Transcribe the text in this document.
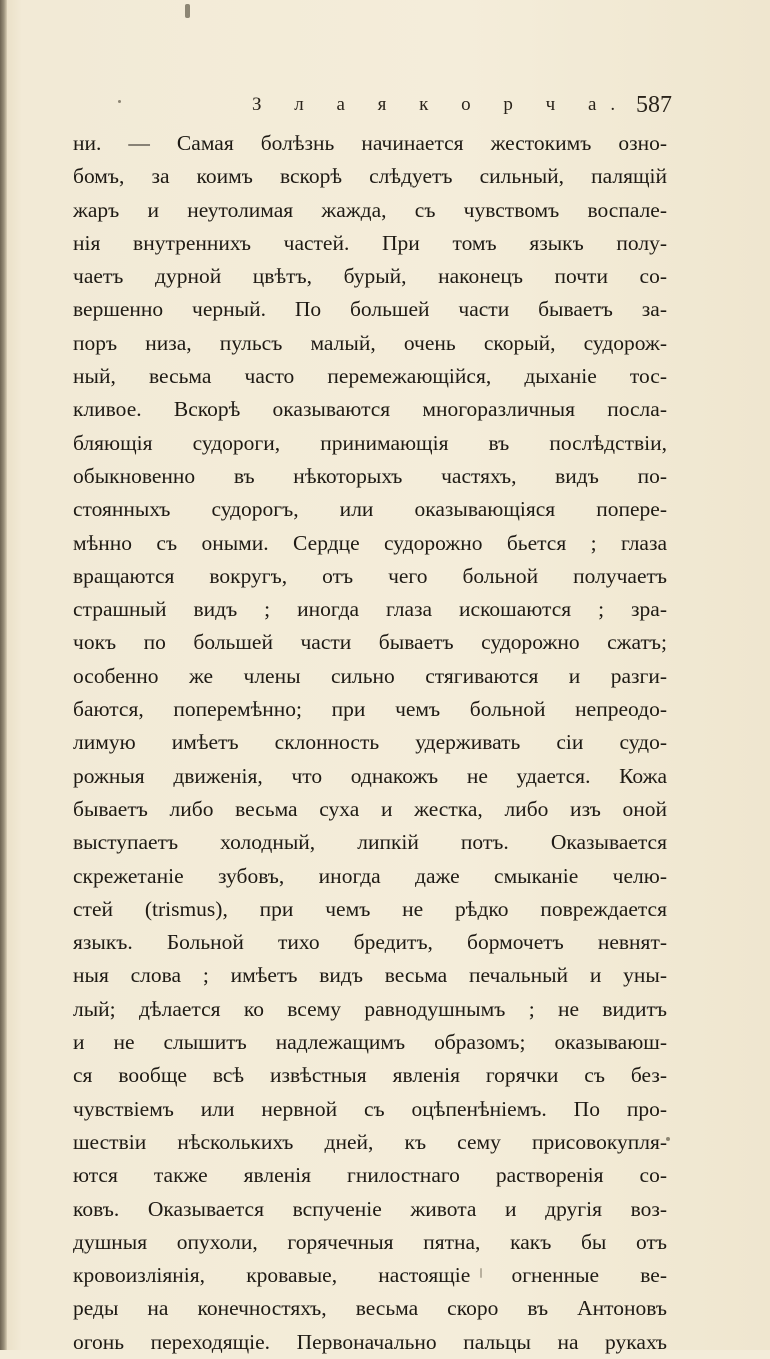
З л а я к о р ч а. 587
ни. — Самая болѣзнь начинается жестокимъ озно-
бомъ, за коимъ вскорѣ слѣдуетъ сильный, палящій
жаръ и неутолимая жажда, съ чувствомъ воспале-
нія внутреннихъ частей. При томъ языкъ полу-
чаетъ дурной цвѣтъ, бурый, наконецъ почти со-
вершенно черный. По большей части бываетъ за-
поръ низа, пульсъ малый, очень скорый, судорож-
ный, весьма часто перемежающійся, дыханіе тос-
кливое. Вскорѣ оказываются многоразличныя посла-
бляющія судороги, принимающія въ послѣдствіи,
обыкновенно въ нѣкоторыхъ частяхъ, видъ по-
стоянныхъ судорогъ, или оказывающіяся попере-
мѣнно съ оными. Сердце судорожно бьется ; глаза
вращаются вокругъ, отъ чего больной получаетъ
страшный видъ ; иногда глаза искошаются ; зра-
чокъ по большей части бываетъ судорожно сжатъ;
особенно же члены сильно стягиваются и разги-
баются, поперемѣнно; при чемъ больной непреодо-
лимую имѣетъ склонность удерживать сіи судо-
рожныя движенія, что однакожъ не удается. Кожа
бываетъ либо весьма суха и жестка, либо изъ оной
выступаетъ холодный, липкій потъ. Оказывается
скрежетаніе зубовъ, иногда даже смыканіе челю-
стей (trismus), при чемъ не рѣдко повреждается
языкъ. Больной тихо бредитъ, бормочетъ невнят-
ныя слова ; имѣетъ видъ весьма печальный и уны-
лый; дѣлается ко всему равнодушнымъ ; не видитъ
и не слышитъ надлежащимъ образомъ; оказываюш-
ся вообще всѣ извѣстныя явленія горячки съ без-
чувствіемъ или нервной съ оцѣпенѣніемъ. По про-
шествіи нѣсколькихъ дней, къ сему присовокупля-
ются также явленія гнилостнаго растворенія со-
ковъ. Оказывается вспученіе живота и другія воз-
душныя опухоли, горячечныя пятна, какъ бы отъ
кровоизліянія, кровавые, настоящіе огненные ве-
реды на конечностяхъ, весьма скоро въ Антоновъ
огонь переходящіе. Первоначально пальцы на рукахъ
